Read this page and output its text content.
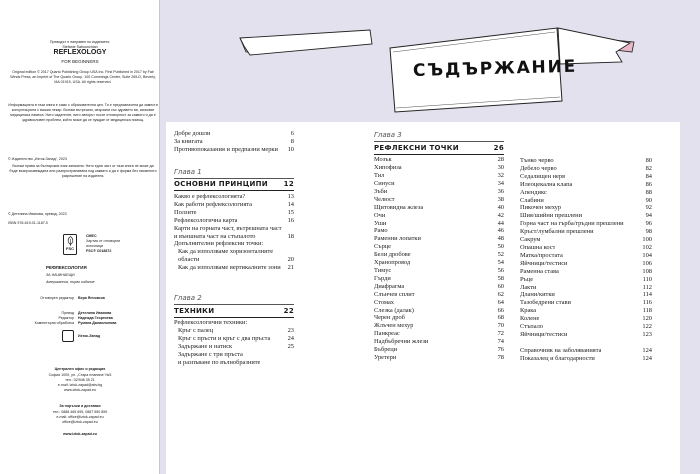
Преводът е направен по изданието:
Stefanie Sabounchian
REFLEXOLOGY
FOR BEGINNERS
Original edition © 2017 Quarto Publishing Group USA Inc. First Published in 2017 by Fair Winds Press, an imprint of The Quarto Group, 100 Cummings Center, Suite 265-D, Beverly, MA 01915, USA. All rights reserved.
Информацията в тази книга е само с образователна цел. Тя е предназначена да замести консултацията с вашия лекар. Всички вътрешни, свързани със здравето ви, изискват медицинска намеса. Нито издателят, нито авторът носят отговорност за каквото и да е здравословен проблем, който може да се нуждае от медицинска помощ.
© Издателство „Изток-Запад“, 2023
Всички права за българския език запазени. Нито една част от тази книга не може да бъде възпроизвеждана или разпространявана под каквато и да е форма без писменото разрешение на издателя.
© Детелина Иванова, превод, 2023
ISBN 978-619-01-1187-0
FSC
СМЕС
Хартия от отговорни
източници
FSC® C018872
РЕФЛЕКСОЛОГИЯ
ЗА НАЧИНАЕЩИ
Американска, първо издание
Отговорен редактор Вера Янчовска
Превод Детелина Иванова
Редактор Надежда Георгиева
Компютърна обработка Румяна Даниилолова
Изток-Запад
Централен офис и редакция
София 1000, ул. „Стара планина“ №5
тел.: 02/946 35 21
e-mail: iztok-zapad@abv.bg
www.iztok-zapad.eu
За поръчки и доставки
тел.: 0888 465 695, 0887 550 859
e-mail: office@iztok-zapad.eu
office@iztok-zapad.eu
www.iztok-zapad.eu
СЪДЪРЖАНИЕ
Добре дошли	6
За книгата	8
Противопоказания и предпазни мерки	10
Глава 1
ОСНОВНИ ПРИНЦИПИ 12
Какво е рефлексологията?	13
Как работи рефлексологията	14
Ползите	15
Рефлексологична карта	16
Карти на горната част, вътрешната част
и външната част на стъпалото	18
Допълнителни рефлексни точки:
Как да използваме хоризонталните
области	20
Как да използваме вертикалните зони	21
Глава 2
ТЕХНИКИ	22
Рефлексологични техники:
Кръг с палец	23
Кръг с пръсти и кръг с два пръста	24
Задържане и натиск	25
Задържане с три пръста
и разпъване по вълнобразните
Глава 3
РЕФЛЕКСНИ ТОЧКИ	26
Мозък	28
Хипофиза	30
Тил	32
Синуси	34
Зъби	36
Челюст	38
Щитовидна жлеза	40
Очи	42
Уши	44
Рамо	46
Раменни лопатки	48
Сърце	50
Бели дробове	52
Хранопровод	54
Тимус	56
Гърди	58
Диафрагма	60
Слънчев сплит	62
Стомах	64
Слезка (далак)	66
Черен дроб	68
Жлъчен мехур	70
Панкреас	72
Надбъбречни жлези	74
Бъбреци	76
Уретери	78
Тънко черво	80
Дебело черво	82
Седалищен нерв	84
Илеоцекална клапа	86
Апендикс	88
Слабини	90
Пикочен мехур	92
Шия/шийни прешлени	94
Горна част на гърба/гръдни прешлени	96
Кръст/лумбални прешлени	98
Сакрум	100
Опашна кост	102
Матка/простата	104
Яйчници/тестиси	106
Раменна става	108
Ръце	110
Лакти	112
Длани/китки	114
Тазобедрени стави	116
Крака	118
Колене	120
Стъпало	122
Яйчници/тестиси	123
Справочник на заболяванията	124
Показалец и благодарности	124
